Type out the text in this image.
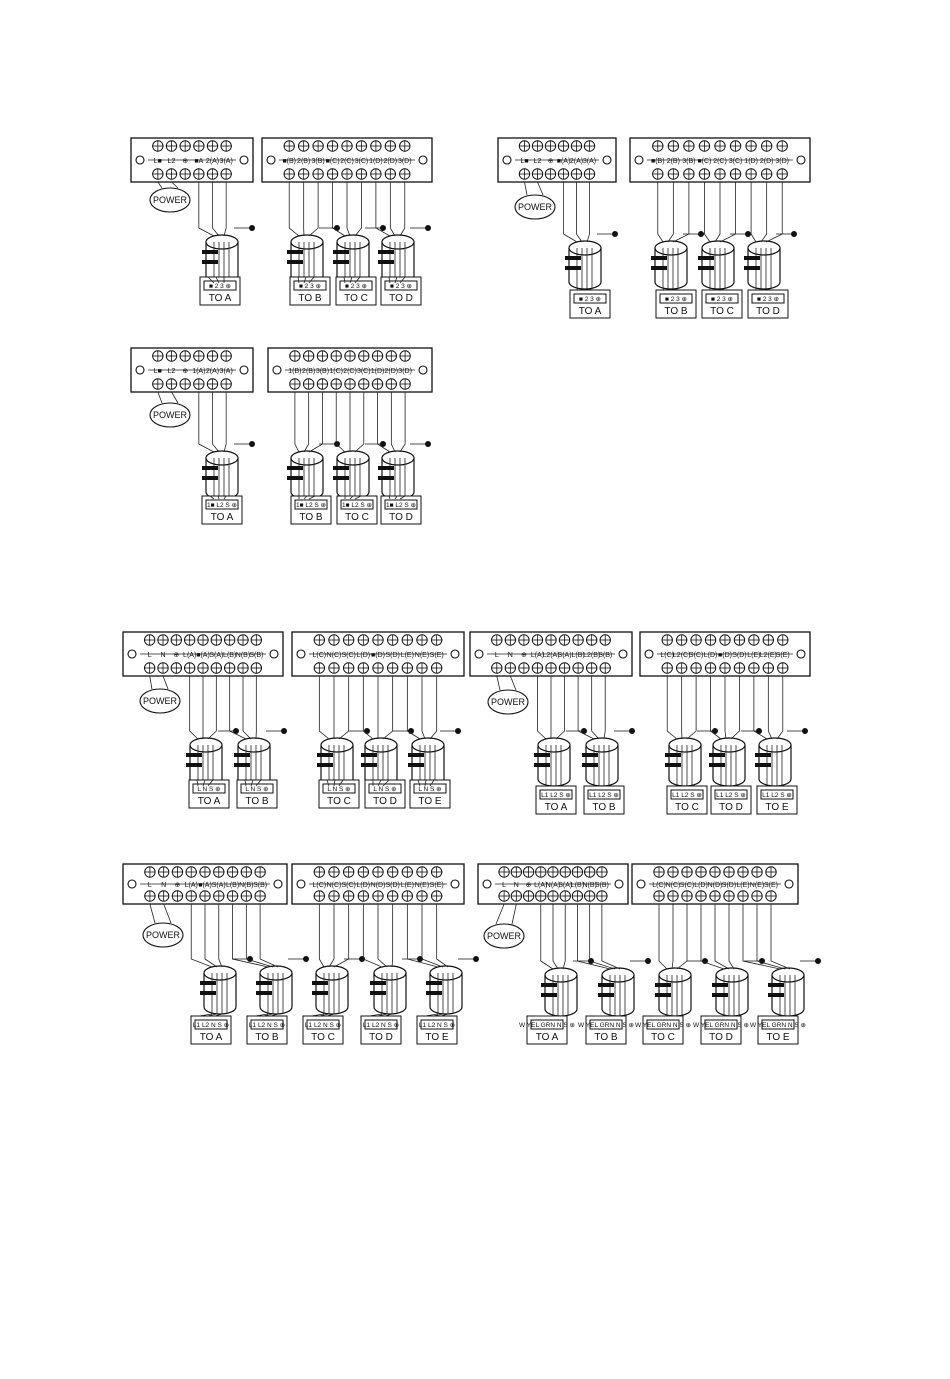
L■ L2 ⊕ ■A 2(A) 3(A)	■(B) 2(B) 3(B) ■(C) 2(C) 3(C) 1(D) 2(D) 3(D)
POWER
■ 2 3 ⊕
TO A
■ 2 3 ⊕
TO B
■ 2 3 ⊕
TO C
■ 2 3 ⊕
TO D
L■ L2 ⊕ ■(A) 2(A) 3(A)	■(B) 2(B) 3(B) ■(C) 2(C) 3(C) 1(D) 2(D) 3(D)
POWER
■ 2 3 ⊕
TO A
■ 2 3 ⊕
TO B
■ 2 3 ⊕
TO C
■ 2 3 ⊕
TO D
L■ L2 ⊕ 1(A) 2(A) 3(A)	1(B) 2(B) 3(B) 1(C) 2(C) 3(C) 1(D) 2(D) 3(D)
POWER
1■ L2 S ⊕
TO A
1■ L2 S ⊕
TO B
1■ L2 S ⊕
TO C
1■ L2 S ⊕
TO D
L N ⊕ L(A) ■(A) S(A) L(B) N(B) S(B)	L(C) N(C) S(C) L(D) ■(D) S(D) L(E) N(E) S(E)
POWER
L N S ⊕
TO A
L N S ⊕
TO B
L N S ⊕
TO C
L N S ⊕
TO D
L N S ⊕
TO E
L N ⊕ L(A)
L2(A)
S(A) L(B)
L2(B)
S(B)	L(C)
L2(C)
S(C) L(D) ■(D) S(D) L(E) L2(E)
S(E)
POWER
L1 L2 S ⊕
TO A
L1 L2 S ⊕
TO B
L1 L2 S ⊕
TO C
L1 L2 S ⊕
TO D
L1 L2 S ⊕
TO E
L N ⊕ L(A) ■(A) S(A) L(B) N(B) S(B)	L(C) N(C) S(C) L(D) N(D) S(D) L(E) N(E) S(E)
POWER
L1 L2 N S ⊕
TO A
L1 L2 N S ⊕
TO B
L1 L2 N S ⊕
TO C
L1 L2 N S ⊕
TO D
L1 L2 N S ⊕
TO E
L N ⊕ L(A)
N(A)
S(A)
L(B)
N(B)
S(B)	L(C) N(C) S(C) L(D) N(D) S(D) L(E) N(E) S(E)
POWER
W YEL GRN N S ⊕
TO A
W YEL GRN N S ⊕
TO B
W YEL GRN N S ⊕
TO C
W YEL GRN N S ⊕
TO D
W YEL GRN N S ⊕
TO E
